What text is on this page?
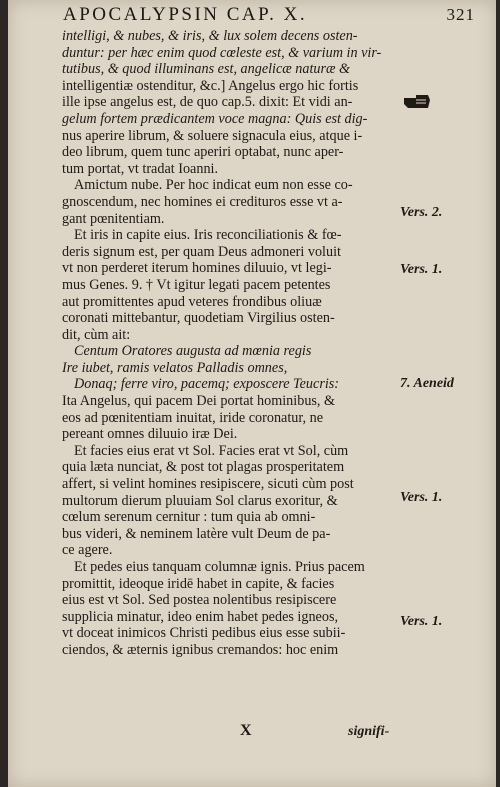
APOCALYPSIN CAP. X.	321
intelligi, & nubes, & iris, & lux solem decens osten-
duntur: per hæc enim quod cœleste est, & varium in vir-
tutibus, & quod illuminans est, angelicæ naturæ &
intelligentiæ ostenditur, &c.] Angelus ergo hic fortis
ille ipse angelus est, de quo cap.5. dixit: Et vidi an-
gelum fortem prædicantem voce magna: Quis est dig-
nus aperire librum, & soluere signacula eius, atque i-
deo librum, quem tunc aperiri optabat, nunc aper-
tum portat, vt tradat Ioanni.
Amictum nube. Per hoc indicat eum non esse co-
gnoscendum, nec homines ei credituros esse vt a-
gant pœnitentiam.
Et iris in capite eius. Iris reconciliationis & fœ-
deris signum est, per quam Deus admoneri voluit
vt non perderet iterum homines diluuio, vt legi-
mus Genes. 9. † Vt igitur legati pacem petentes
aut promittentes apud veteres frondibus oliuæ
coronati mittebantur, quodetiam Virgilius osten-
dit, cùm ait:
Centum Oratores augusta ad mœnia regis
Ire iubet, ramis velatos Palladis omnes,
Donaq; ferre viro, pacemq; exposcere Teucris:
Ita Angelus, qui pacem Dei portat hominibus, &
eos ad pœnitentiam inuitat, iride coronatur, ne
pereant omnes diluuio iræ Dei.
Et facies eius erat vt Sol. Facies erat vt Sol, cùm
quia læta nunciat, & post tot plagas prosperitatem
affert, si velint homines resipiscere, sicuti cùm post
multorum dierum pluuiam Sol clarus exoritur, &
cœlum serenum cernitur : tum quia ab omni-
bus videri, & neminem latère vult Deum de pa-
ce agere.
Et pedes eius tanquam columnæ ignis. Prius pacem
promittit, ideoque iridē habet in capite, & facies
eius est vt Sol. Sed postea nolentibus resipiscere
supplicia minatur, ideo enim habet pedes igneos,
vt doceat inimicos Christi pedibus eius esse subii-
ciendos, & æternis ignibus cremandos: hoc enim
Vers. 2.
Vers. 1.
7. Aeneid
Vers. 1.
Vers. 1.
X	signifi-
